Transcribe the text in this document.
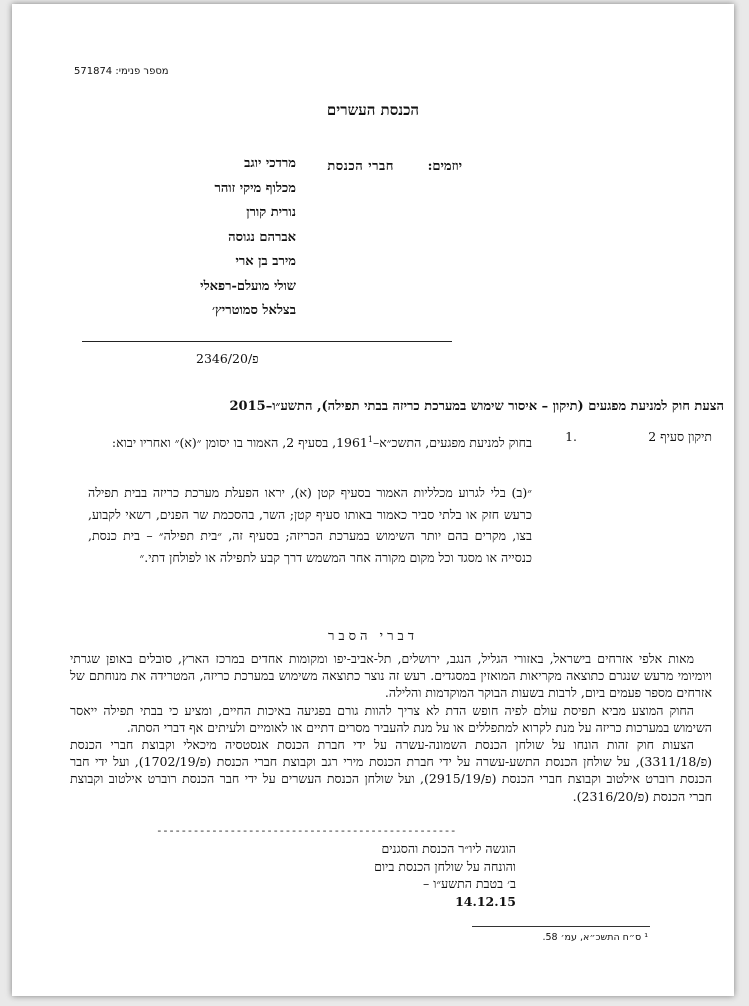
מספר פנימי: 571874
הכנסת העשרים
יוזמים:
חברי הכנסת
מרדכי יוגב
מכלוף מיקי זוהר
נורית קורן
אברהם נגוסה
מירב בן ארי
שולי מועלם-רפאלי
בצלאל סמוטריץ׳
פ/2346/20
הצעת חוק למניעת מפגעים (תיקון – איסור שימוש במערכת כריזה בבתי תפילה), התשע״ו–2015
תיקון סעיף 2
1.
בחוק למניעת מפגעים, התשכ״א–1961$^1$, בסעיף 2, האמור בו יסומן ״(א)״ ואחריו יבוא:
״(ב) בלי לגרוע מכלליות האמור בסעיף קטן (א), יראו הפעלת מערכת כריזה בבית תפילה כרעש חזק או בלתי סביר כאמור באותו סעיף קטן; השר, בהסכמת שר הפנים, רשאי לקבוע, בצו, מקרים בהם יותר השימוש במערכת הכריזה; בסעיף זה, ״בית תפילה״ – בית כנסת, כנסייה או מסגד וכל מקום מקורה אחר המשמש דרך קבע לתפילה או לפולחן דתי.״
דברי הסבר

מאות אלפי אזרחים בישראל, באזורי הגליל, הנגב, ירושלים, תל-אביב-יפו ומקומות אחדים במרכז הארץ, סובלים באופן שגרתי ויומיומי מרעש שנגרם כתוצאה מקריאות המואזין במסגדים. רעש זה נוצר כתוצאה משימוש במערכת כריזה, המטרידה את מנוחתם של אזרחים מספר פעמים ביום, לרבות בשעות הבוקר המוקדמות והלילה.

החוק המוצע מביא תפיסת עולם לפיה חופש הדת לא צריך להוות גורם בפגיעה באיכות החיים, ומציע כי בבתי תפילה ייאסר השימוש במערכות כריזה על מנת לקרוא למתפללים או על מנת להעביר מסרים דתיים או לאומיים ולעיתים אף דברי הסתה.

הצעות חוק זהות הונחו על שולחן הכנסת השמונה-עשרה על ידי חברת הכנסת אנסטסיה מיכאלי וקבוצת חברי הכנסת (פ/3311/18), על שולחן הכנסת התשע-עשרה על ידי חברת הכנסת מירי רגב וקבוצת חברי הכנסת (פ/1702/19), ועל ידי חבר הכנסת רוברט אילטוב וקבוצת חברי הכנסת (פ/2915/19), ועל שולחן הכנסת העשרים על ידי חבר הכנסת רוברט אילטוב וקבוצת חברי הכנסת (פ/2316/20).

-------------------------------------------------
הוגשה ליו״ר הכנסת והסגנים
והונחה על שולחן הכנסת ביום
ב׳ בטבת התשע״ו –
14.12.15
¹ ס״ח התשכ״א, עמ׳ 58.
